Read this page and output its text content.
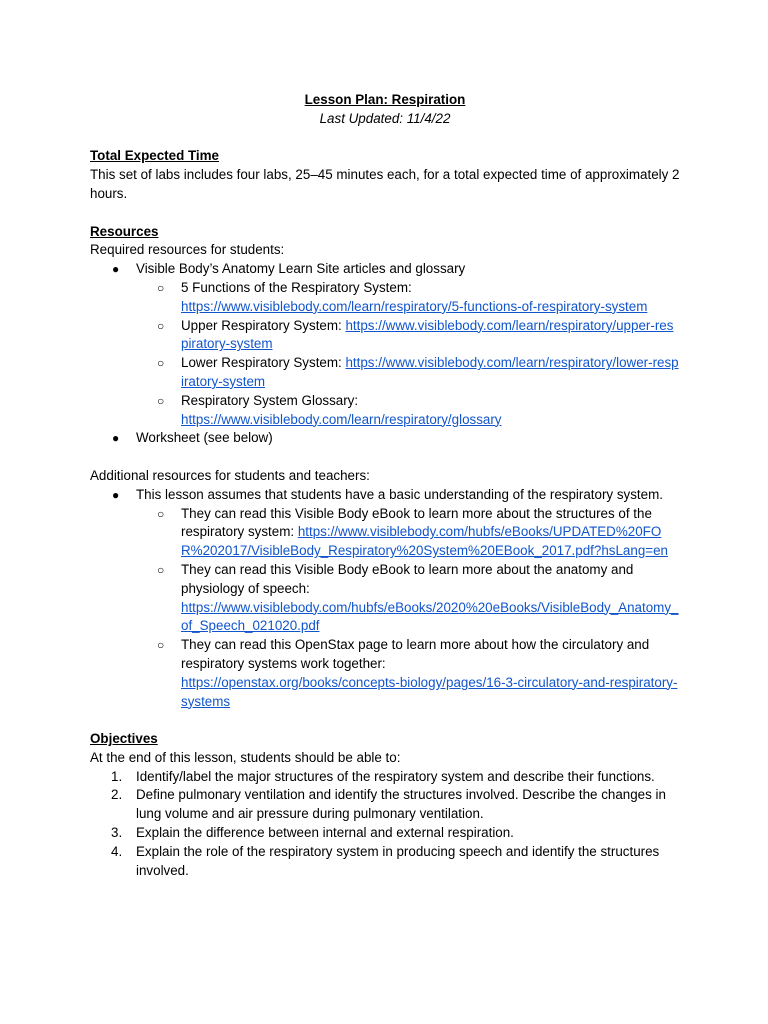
Lesson Plan: Respiration
Last Updated: 11/4/22
Total Expected Time

This set of labs includes four labs, 25–45 minutes each, for a total expected time of approximately 2 hours.

Resources

Required resources for students:

● Visible Body’s Anatomy Learn Site articles and glossary
○ 5 Functions of the Respiratory System:
https://www.visiblebody.com/learn/respiratory/5-functions-of-respiratory-system
○ Upper Respiratory System: https://www.visiblebody.com/learn/respiratory/upper-respiratory-system
○ Lower Respiratory System: https://www.visiblebody.com/learn/respiratory/lower-respiratory-system
○ Respiratory System Glossary:
https://www.visiblebody.com/learn/respiratory/glossary
● Worksheet (see below)

Additional resources for students and teachers:

● This lesson assumes that students have a basic understanding of the respiratory system.
○ They can read this Visible Body eBook to learn more about the structures of the respiratory system: https://www.visiblebody.com/hubfs/eBooks/UPDATED%20FOR%202017/VisibleBody_Respiratory%20System%20EBook_2017.pdf?hsLang=en
○ They can read this Visible Body eBook to learn more about the anatomy and physiology of speech:
https://www.visiblebody.com/hubfs/eBooks/2020%20eBooks/VisibleBody_Anatomy_of_Speech_021020.pdf
○ They can read this OpenStax page to learn more about how the circulatory and respiratory systems work together:
https://openstax.org/books/concepts-biology/pages/16-3-circulatory-and-respiratory-systems
Objectives

At the end of this lesson, students should be able to:

1. Identify/label the major structures of the respiratory system and describe their functions.
2. Define pulmonary ventilation and identify the structures involved. Describe the changes in lung volume and air pressure during pulmonary ventilation.
3. Explain the difference between internal and external respiration.
4. Explain the role of the respiratory system in producing speech and identify the structures involved.
